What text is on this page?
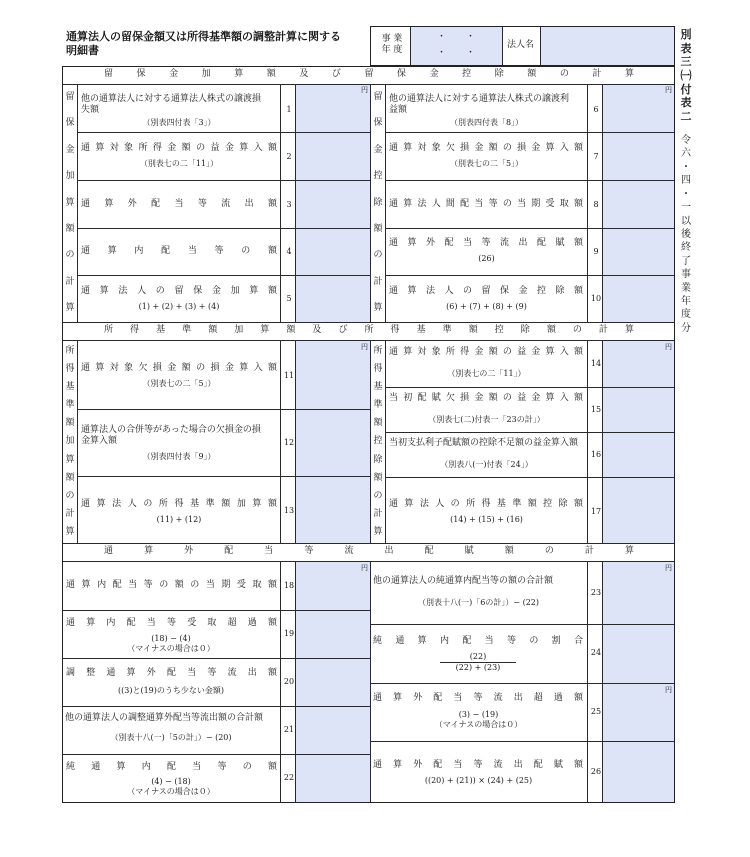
通算法人の留保金額又は所得基準額の調整計算に関する
明細書
事 業
年 度
・ ・
・ ・
法人名
別
表
三
㈠
付
表
二
令
六
・
四
・
一
以
後
終
了
事
業
年
度
分
留保金加算額及び留保金控除額の計算
所得基準額加算額及び所得基準額控除額の計算
通算外配当等流出配賦額の計算
留
保
金
加
算
額
の
計
算
円
他の通算法人に対する通算法人株式の譲渡損
失額
（別表四付表「3」）
1
通算対象所得金額の益金算入額
（別表七の二「11」）
2
通算外配当等流出額	3
通算内配当等の額	4
通算法人の留保金加算額
(1) + (2) + (3) + (4)
5
留
保
金
控
除
額
の
計
算
円
他の通算法人に対する通算法人株式の譲渡利
益額
（別表四付表「8」）
6
通算対象欠損金額の損金算入額
（別表七の二「5」）
7
通算法人間配当等の当期受取額	8
通算外配当等流出配賦額
(26)
9
通算法人の留保金控除額
(6) + (7) + (8) + (9)
10
所
得
基
準
額
加
算
額
の
計
算
円
通算対象欠損金額の損金算入額
（別表七の二「5」）
11
通算法人の合併等があった場合の欠損金の損
金算入額
（別表四付表「9」）
12
通算法人の所得基準額加算額
(11) + (12)
13
所
得
基
準
額
控
除
額
の
計
算
円
通算対象所得金額の益金算入額
（別表七の二「11」）
14
当初配賦欠損金額の益金算入額
（別表七(二)付表一「23の計」）
15
当初支払利子配賦額の控除不足額の益金算入額
（別表八(一)付表「24」）
16
通算法人の所得基準額控除額
(14) + (15) + (16)
17
円
通算内配当等の額の当期受取額 18
通算内配当等受取超過額
(18) − (4)
（マイナスの場合は０）
19
調整通算外配当等流出額
((3)と(19)のうち少ない金額)
20
他の通算法人の調整通算外配当等流出額の合計額
（別表十八(一)「5の計」）− (20)
21
純通算内配当等の額
(4) − (18)
（マイナスの場合は０）
22
円
円
他の通算法人の純通算内配当等の額の合計額
（別表十八(一)「6の計」）− (22)
23
純通算内配当等の割合
$\frac{(22)}{(22) + (23)}$	24
通算外配当等流出超過額
(3) − (19)
（マイナスの場合は０）
25
通算外配当等流出配賦額
((20) + (21)) × (24) + (25)
26
